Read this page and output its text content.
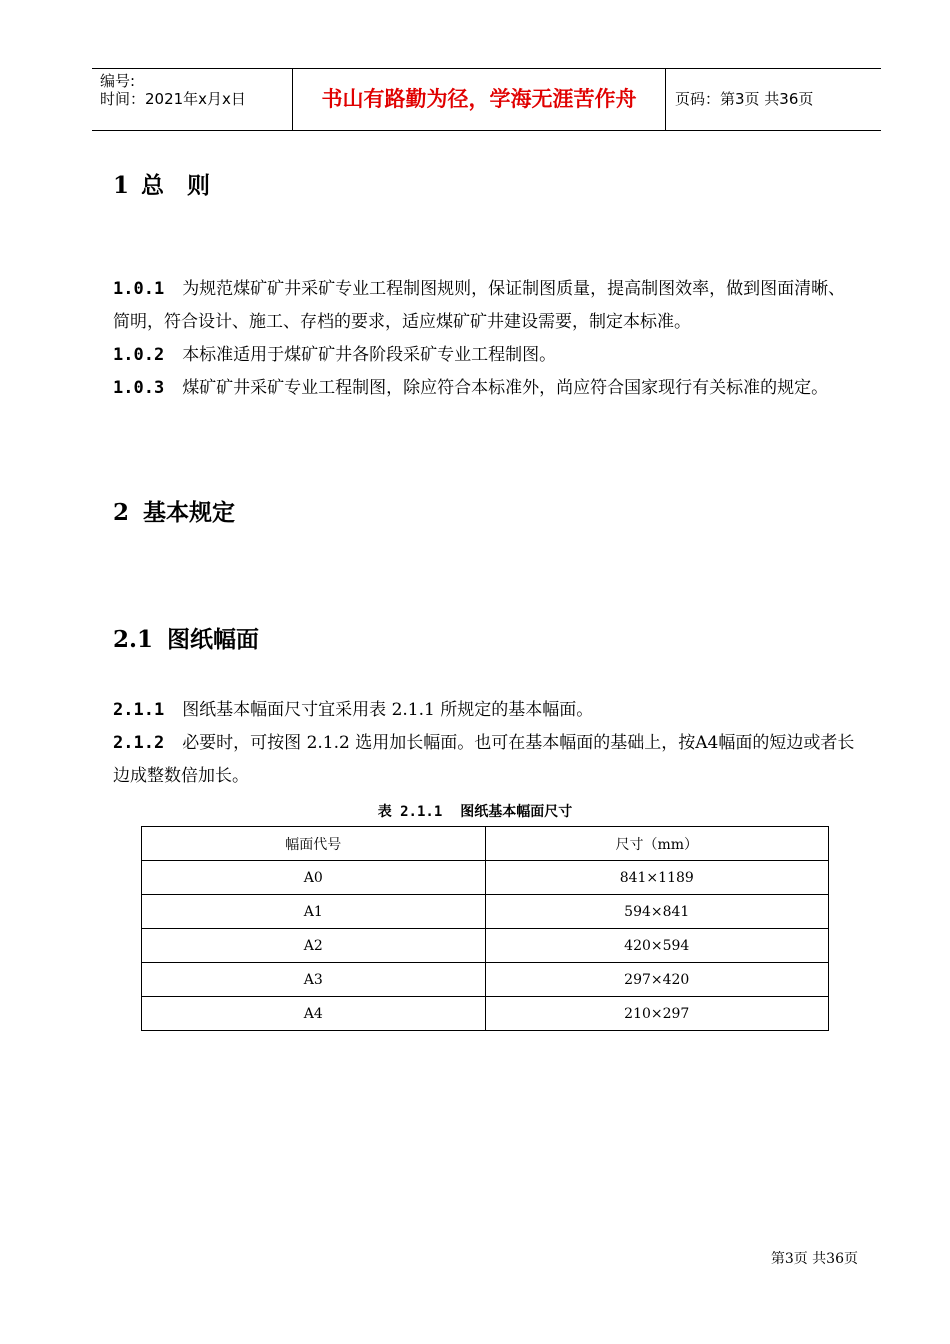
编号:
时间：2021年x月x日	书山有路勤为径，学海无涯苦作舟	页码：第3页 共36页
1 总　则
1.0.1 为规范煤矿矿井采矿专业工程制图规则，保证制图质量，提高制图效率，做到图面清晰、简明，符合设计、施工、存档的要求，适应煤矿矿井建设需要，制定本标准。
1.0.2 本标准适用于煤矿矿井各阶段采矿专业工程制图。
1.0.3 煤矿矿井采矿专业工程制图，除应符合本标准外，尚应符合国家现行有关标准的规定。
2 基本规定
2.1 图纸幅面
2.1.1 图纸基本幅面尺寸宜采用表 2.1.1 所规定的基本幅面。
2.1.2 必要时，可按图 2.1.2 选用加长幅面。也可在基本幅面的基础上，按A4幅面的短边或者长边成整数倍加长。
表 2.1.1 图纸基本幅面尺寸
幅面代号	尺寸（mm）
A0	841×1189
A1	594×841
A2	420×594
A3	297×420
A4	210×297
第3页 共36页
